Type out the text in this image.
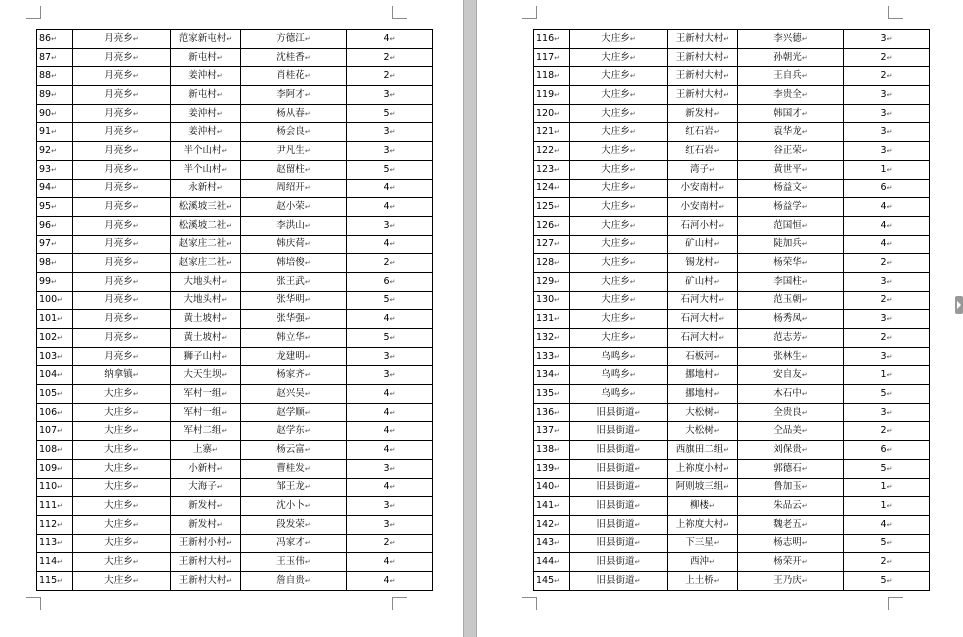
86↵	月亮乡↵	范家新屯村↵	方德江↵	4↵
87↵	月亮乡↵	新屯村↵	沈桂香↵	2↵
88↵	月亮乡↵	姜沖村↵	肖桂花↵	2↵
89↵	月亮乡↵	新屯村↵	李阿才↵	3↵
90↵	月亮乡↵	姜沖村↵	杨从春↵	5↵
91↵	月亮乡↵	姜沖村↵	杨会良↵	3↵
92↵	月亮乡↵	半个山村↵	尹凡生↵	3↵
93↵	月亮乡↵	半个山村↵	赵留柱↵	5↵
94↵	月亮乡↵	永新村↵	周绍开↵	4↵
95↵	月亮乡↵	松溪坡三社↵	赵小荣↵	4↵
96↵	月亮乡↵	松溪坡二社↵	李洪山↵	3↵
97↵	月亮乡↵	赵家庄二社↵	韩庆荷↵	4↵
98↵	月亮乡↵	赵家庄二社↵	韩培俊↵	2↵
99↵	月亮乡↵	大地头村↵	张王武↵	6↵
100↵	月亮乡↵	大地头村↵	张华明↵	5↵
101↵	月亮乡↵	黄土坡村↵	张华强↵	4↵
102↵	月亮乡↵	黄土坡村↵	韩立华↵	5↵
103↵	月亮乡↵	狮子山村↵	龙建明↵	3↵
104↵	纳拿镇↵	大天生坝↵	杨家齐↵	3↵
105↵	大庄乡↵	军村一组↵	赵兴吴↵	4↵
106↵	大庄乡↵	军村一组↵	赵学顺↵	4↵
107↵	大庄乡↵	军村二组↵	赵学东↵	4↵
108↵	大庄乡↵	上寨↵	杨云富↵	4↵
109↵	大庄乡↵	小新村↵	曹桂发↵	3↵
110↵	大庄乡↵	大海子↵	邹王龙↵	4↵
111↵	大庄乡↵	新发村↵	沈小卜↵	3↵
112↵	大庄乡↵	新发村↵	段发荣↵	3↵
113↵	大庄乡↵	王新村小村↵	冯家才↵	2↵
114↵	大庄乡↵	王新村大村↵	王玉伟↵	4↵
115↵	大庄乡↵	王新村大村↵	詹自贵↵	4↵
116↵	大庄乡↵	王新村大村↵	李兴德↵	3↵
117↵	大庄乡↵	王新村大村↵	孙朝光↵	2↵
118↵	大庄乡↵	王新村大村↵	王自兵↵	2↵
119↵	大庄乡↵	王新村大村↵	李贵全↵	3↵
120↵	大庄乡↵	新发村↵	韩国才↵	3↵
121↵	大庄乡↵	红石岩↵	袁华龙↵	3↵
122↵	大庄乡↵	红石岩↵	谷正荣↵	3↵
123↵	大庄乡↵	湾子↵	黄世平↵	1↵
124↵	大庄乡↵	小安南村↵	杨益文↵	6↵
125↵	大庄乡↵	小安南村↵	杨益学↵	4↵
126↵	大庄乡↵	石河小村↵	范国恒↵	4↵
127↵	大庄乡↵	矿山村↵	陡加兵↵	4↵
128↵	大庄乡↵	锡龙村↵	杨荣华↵	2↵
129↵	大庄乡↵	矿山村↵	李国柱↵	3↵
130↵	大庄乡↵	石河大村↵	范玉朝↵	2↵
131↵	大庄乡↵	石河大村↵	杨秀凤↵	3↵
132↵	大庄乡↵	石河大村↵	范志芳↵	2↵
133↵	乌鸣乡↵	石板河↵	张林生↵	3↵
134↵	乌鸣乡↵	挪地村↵	安自友↵	1↵
135↵	乌鸣乡↵	挪地村↵	木石中↵	5↵
136↵	旧县街道↵	大松树↵	全贵良↵	3↵
137↵	旧县街道↵	大松树↵	仝品美↵	2↵
138↵	旧县街道↵	西旗田二组↵	刘保贵↵	6↵
139↵	旧县街道↵	上祢度小村↵	郭德石↵	5↵
140↵	旧县街道↵	阿则坡三组↵	鲁加玉↵	1↵
141↵	旧县街道↵	柳楼↵	朱品云↵	1↵
142↵	旧县街道↵	上祢度大村↵	魏老五↵	4↵
143↵	旧县街道↵	下三星↵	杨志明↵	5↵
144↵	旧县街道↵	西沖↵	杨荣开↵	2↵
145↵	旧县街道↵	上土桥↵	王乃庆↵	5↵
